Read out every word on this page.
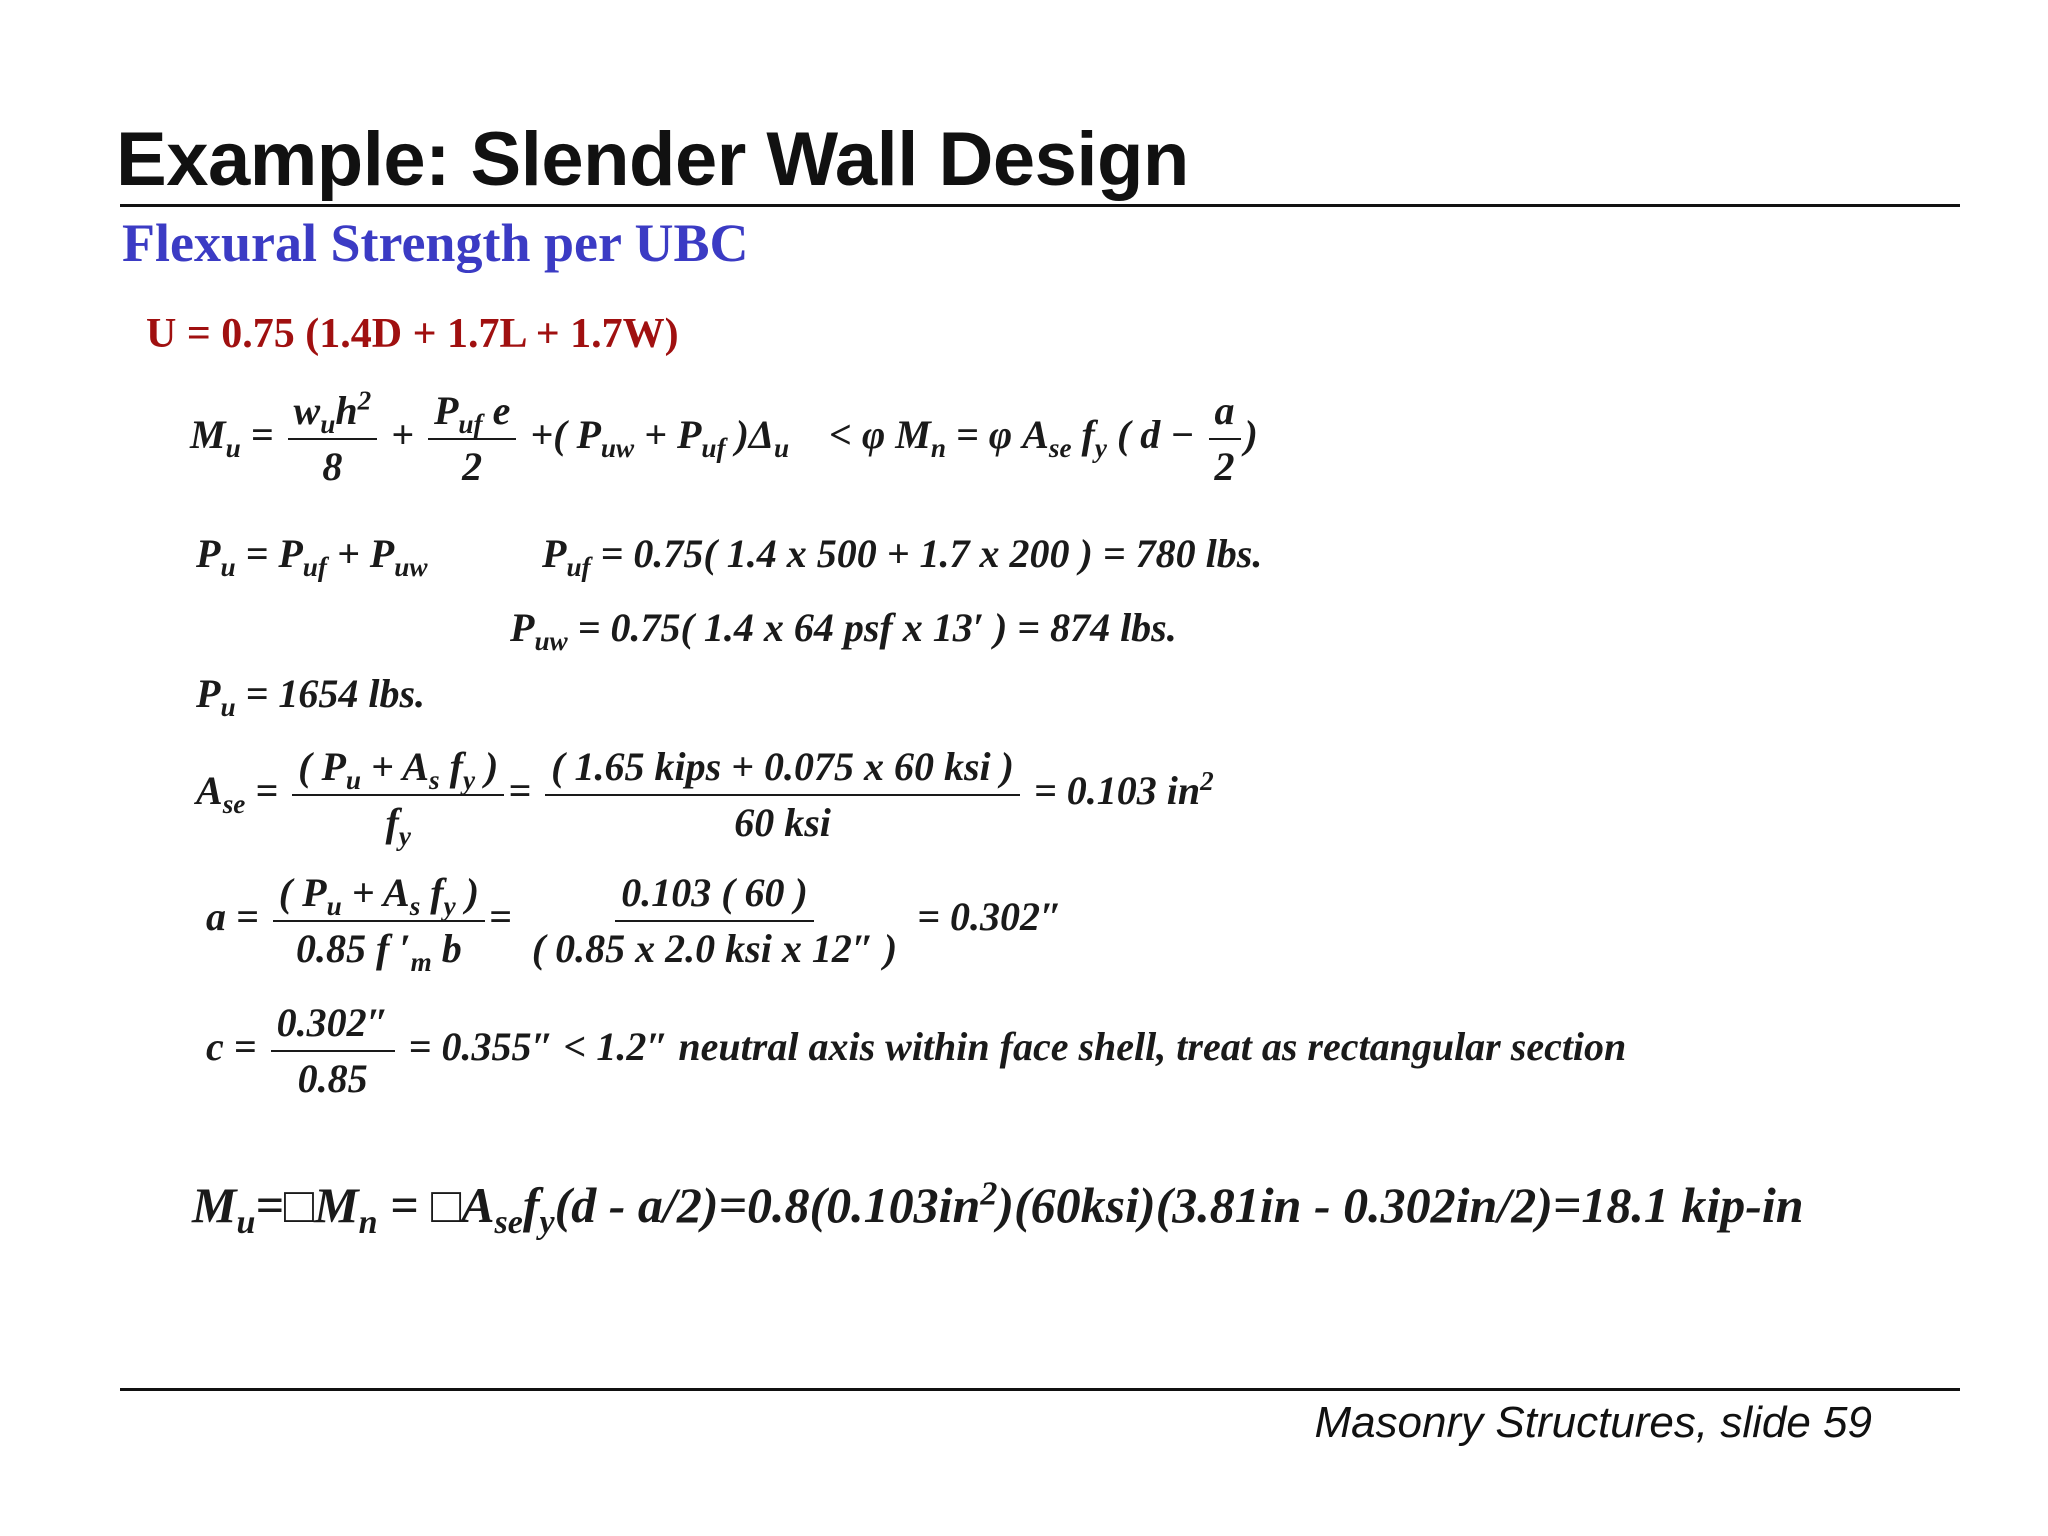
Example: Slender Wall Design
Flexural Strength per UBC
U = 0.75 (1.4D + 1.7L + 1.7W)
$M_u = \frac{w_uh^2}{8} + \frac{P_{uf} e}{2}$ +( $P_{uw} + P_{uf}$ )$\Delta_u$    < φ $M_n = \varphi$ $A_{se}$ $f_y$ ( $d - \frac{a}{2}$ )
$P_u = P_{uf} + P_{uw}$	$P_{uf} = 0.75$( 1.4 x 500 + 1.7 x 200 ) = 780 lbs.
$P_{uw} = 0.75$( 1.4 x 64 psf x 13′ ) = 874 lbs.
$P_u = 1654$ lbs.
$A_{se} = \frac{( P_u + A_s f_y )}{f_y} = \frac{\text{( 1.65 kips + 0.075 x 60 ksi )}}{\text{60 ksi}} = 0.103$ $in^2$
$a = \frac{( P_u + A_s f_y )}{0.85 f '_m b} = \frac{0.103 ( 60 )}{\text{( 0.85 x 2.0 ksi x 12″ )}} = 0.302''$
$c = \frac{0.302''}{0.85} = 0.355'' < 1.2''$ neutral axis within face shell, treat as rectangular section
$M_u=□M_n$ = $□A_{se}f_y(d - a/2)=0.8(0.103in^2)(60ksi)(3.81in - 0.302in/2)=18.1$ kip-in
Masonry Structures, slide 59
